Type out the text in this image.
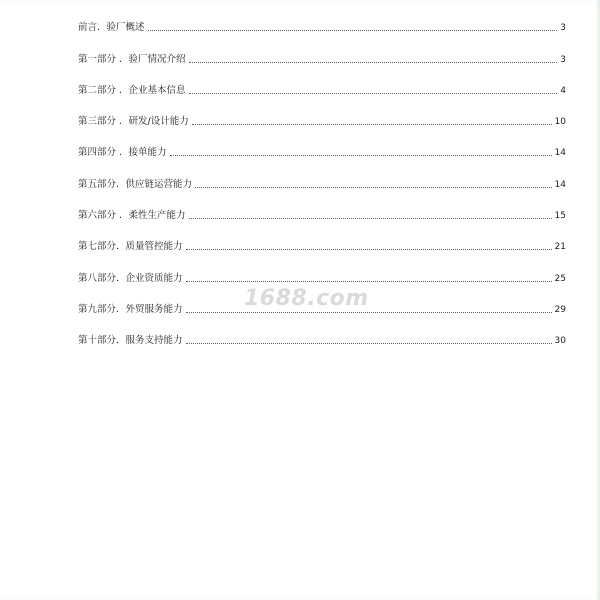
前言．验厂概述	3
第一部分 ．验厂情况介绍	3
第二部分 ．企业基本信息	4
第三部分 ．研发/设计能力	10
第四部分 ．接单能力	14
第五部分．供应链运营能力	14
第六部分 ．柔性生产能力	15
第七部分．质量管控能力	21
第八部分．企业资质能力	25
第九部分．外贸服务能力	29
第十部分．服务支持能力	30
1688.com
